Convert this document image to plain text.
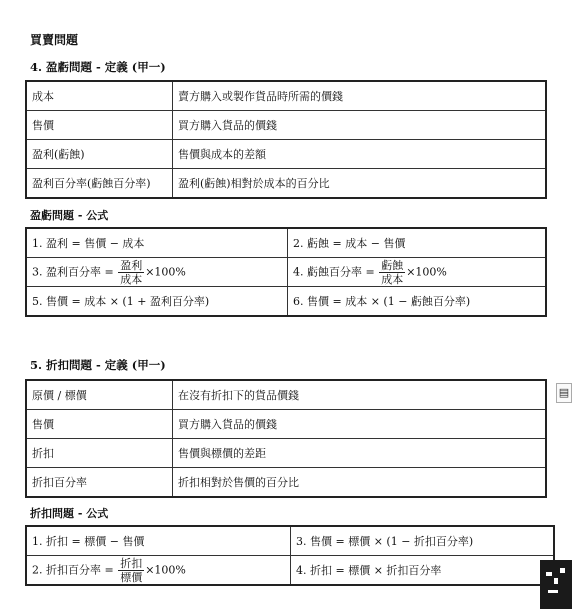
買賣問題
4. 盈虧問題 - 定義 (甲一)
成本	賣方購入或製作貨品時所需的價錢
售價	買方購入貨品的價錢
盈利(虧蝕)	售價與成本的差額
盈利百分率(虧蝕百分率)	盈利(虧蝕)相對於成本的百分比
盈虧問題 - 公式
1. 盈利 = 售價 − 成本	2. 虧蝕 = 成本 − 售價
3. 盈利百分率 = $\frac{\text{盈利}}{\text{成本}} \times 100\%$	4. 虧蝕百分率 = $\frac{\text{虧蝕}}{\text{成本}} \times 100\%$
5. 售價 = 成本 × (1 + 盈利百分率)	6. 售價 = 成本 × (1 − 虧蝕百分率)
5. 折扣問題 - 定義 (甲一)
原價 / 標價	在沒有折扣下的貨品價錢
售價	買方購入貨品的價錢
折扣	售價與標價的差距
折扣百分率	折扣相對於售價的百分比
折扣問題 - 公式
1. 折扣 = 標價 − 售價	3. 售價 = 標價 × (1 − 折扣百分率)
2. 折扣百分率 = $\frac{\text{折扣}}{\text{標價}} \times 100\%$	4. 折扣 = 標價 × 折扣百分率
▤
